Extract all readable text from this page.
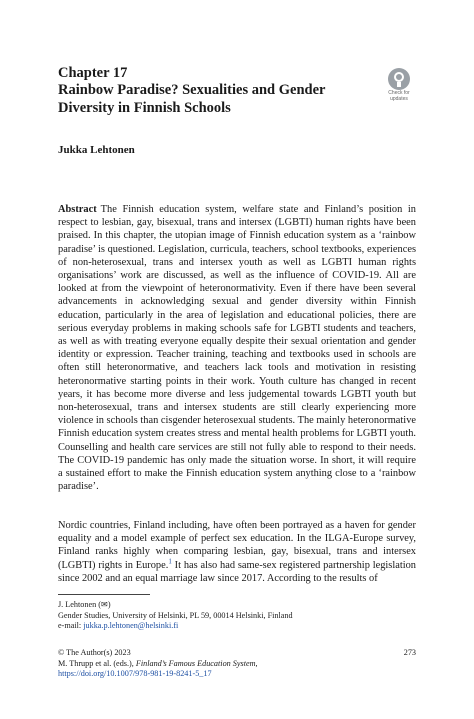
Chapter 17
Rainbow Paradise? Sexualities and Gender Diversity in Finnish Schools
Check for updates
Jukka Lehtonen
Abstract The Finnish education system, welfare state and Finland’s position in respect to lesbian, gay, bisexual, trans and intersex (LGBTI) human rights have been praised. In this chapter, the utopian image of Finnish education system as a ‘rainbow paradise’ is questioned. Legislation, curricula, teachers, school textbooks, experiences of non-heterosexual, trans and intersex youth as well as LGBTI human rights organisations’ work are discussed, as well as the influence of COVID-19. All are looked at from the viewpoint of heteronormativity. Even if there have been several advancements in acknowledging sexual and gender diversity within Finnish education, particularly in the area of legislation and educational policies, there are serious everyday problems in making schools safe for LGBTI students and teachers, as well as with treating everyone equally despite their sexual orientation and gender identity or expression. Teacher training, teaching and textbooks used in schools are often still heteronormative, and teachers lack tools and motivation in resisting heteronormative starting points in their work. Youth culture has changed in recent years, it has become more diverse and less judgemental towards LGBTI youth but non-heterosexual, trans and intersex students are still clearly experiencing more violence in schools than cisgender heterosexual students. The mainly heteronormative Finnish education system creates stress and mental health problems for LGBTI youth. Counselling and health care services are still not fully able to respond to their needs. The COVID-19 pandemic has only made the situation worse. In short, it will require a sustained effort to make the Finnish education system anything close to a ‘rainbow paradise’.
Nordic countries, Finland including, have often been portrayed as a haven for gender equality and a model example of perfect sex education. In the ILGA-Europe survey, Finland ranks highly when comparing lesbian, gay, bisexual, trans and intersex (LGBTI) rights in Europe.$^1$ It has also had same-sex registered partnership legislation since 2002 and an equal marriage law since 2017. According to the results of
J. Lehtonen (✉)
Gender Studies, University of Helsinki, PL 59, 00014 Helsinki, Finland
e-mail: jukka.p.lehtonen@helsinki.fi
© The Author(s) 2023
M. Thrupp et al. (eds.), Finland’s Famous Education System,
https://doi.org/10.1007/978-981-19-8241-5_17
273
